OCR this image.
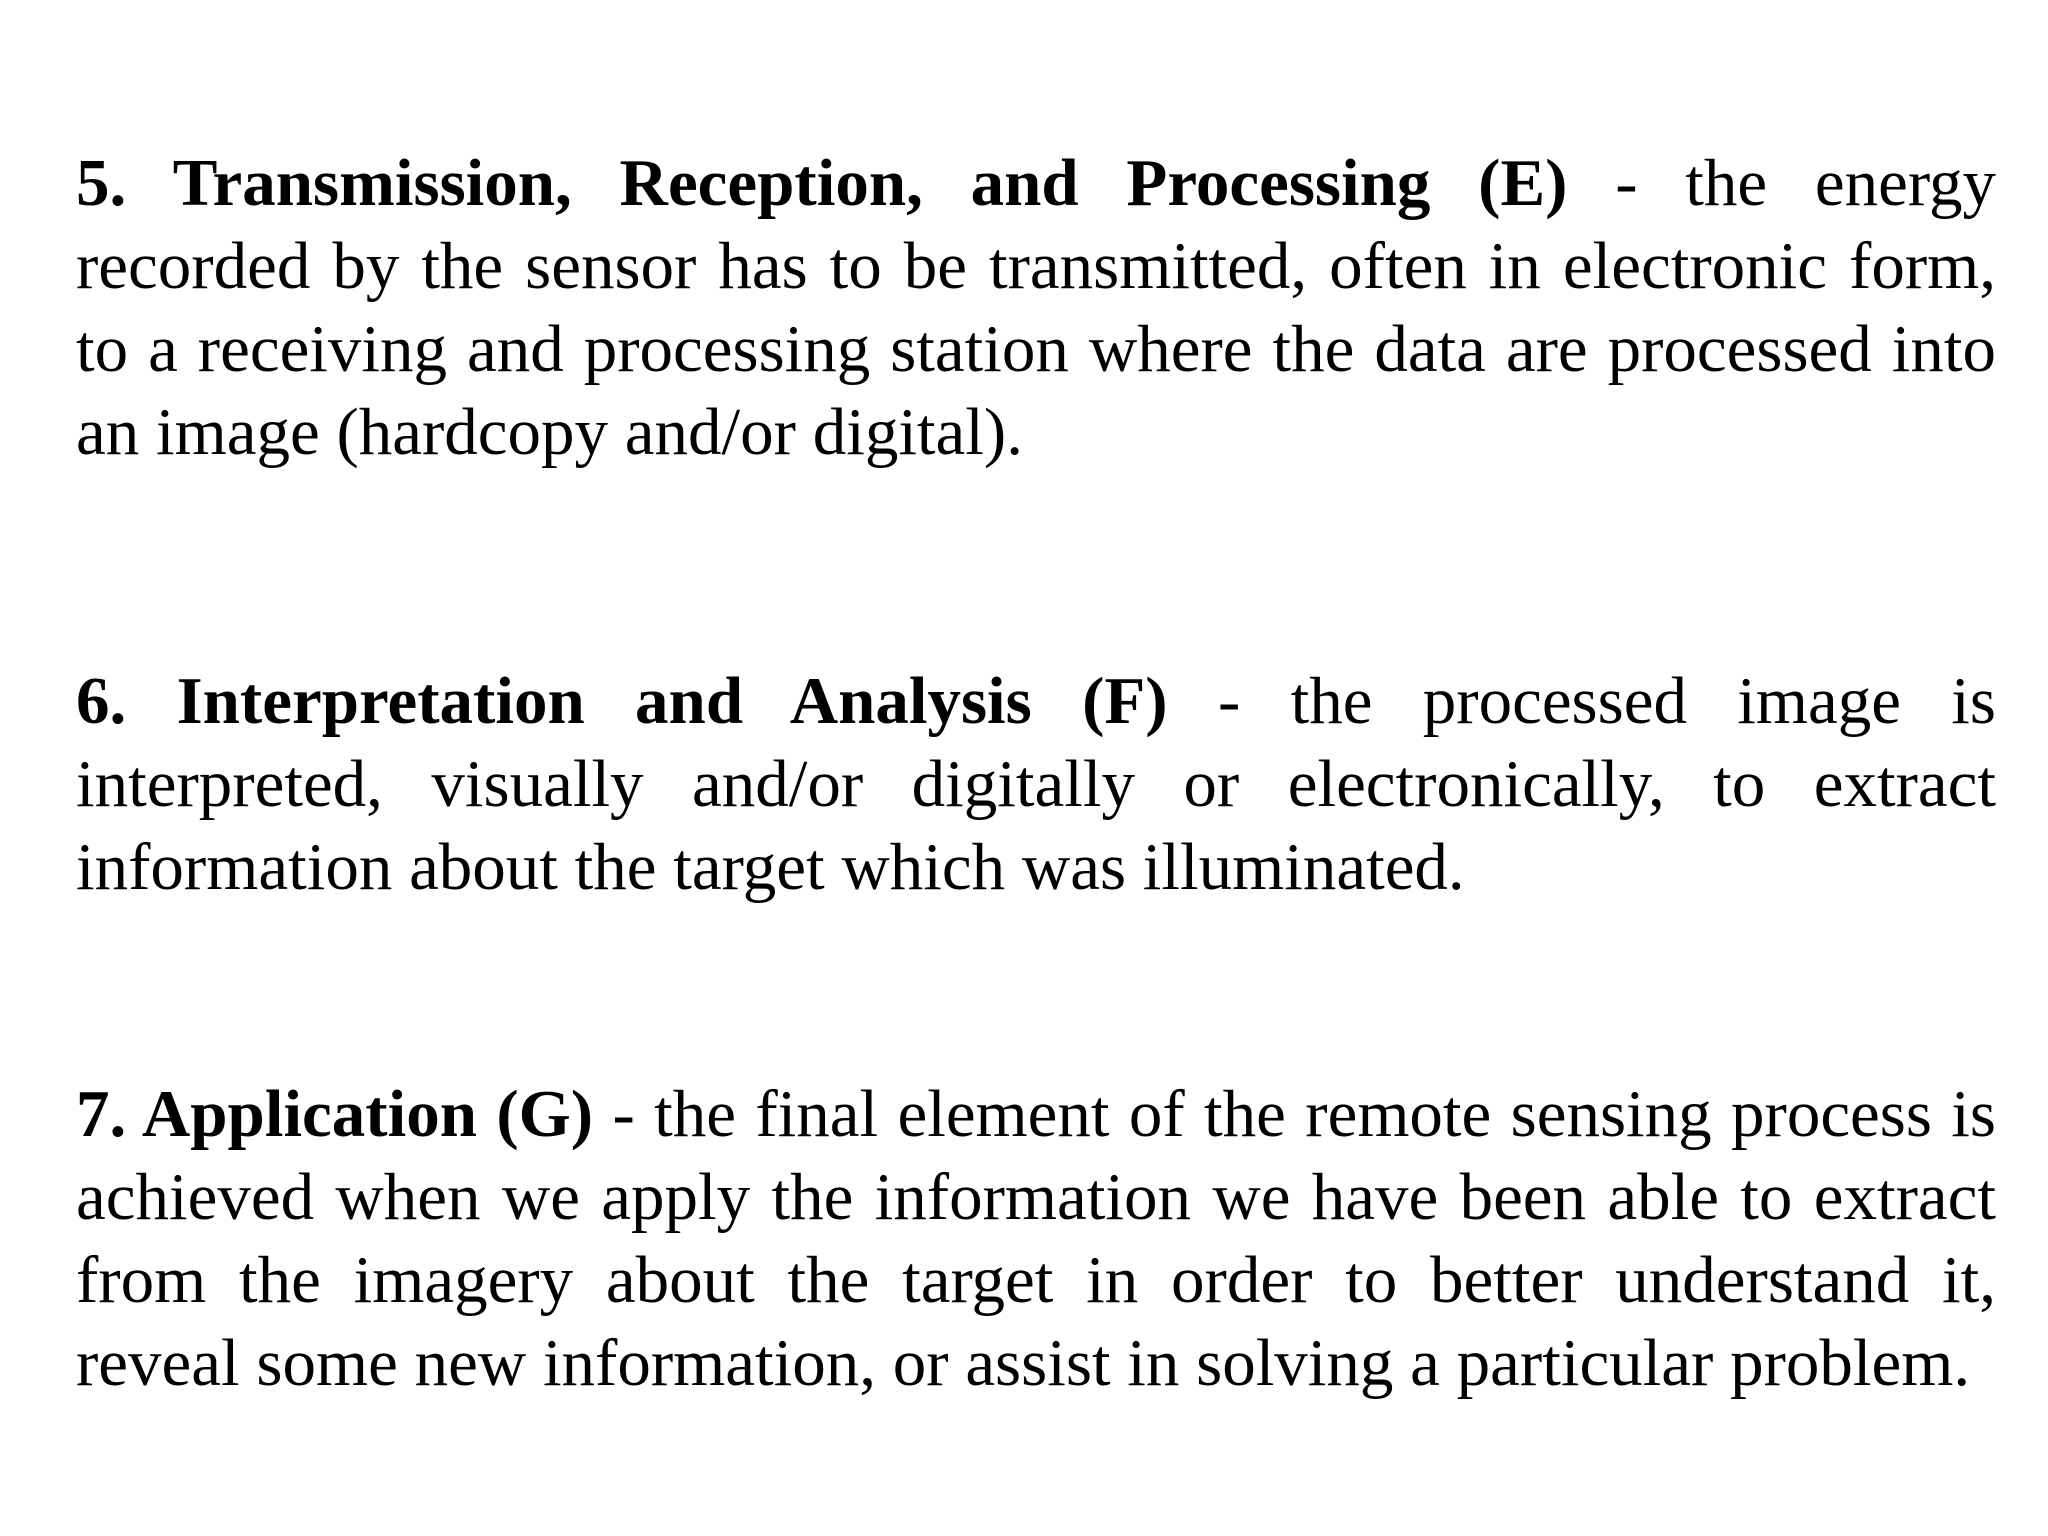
5. Transmission, Reception, and Processing (E) - the energy recorded by the sensor has to be transmitted, often in electronic form, to a receiving and processing station where the data are processed into an image (hardcopy and/or digital).

6. Interpretation and Analysis (F) - the processed image is interpreted, visually and/or digitally or electronically, to extract information about the target which was illuminated.

7. Application (G) - the final element of the remote sensing process is achieved when we apply the information we have been able to extract from the imagery about the target in order to better understand it, reveal some new information, or assist in solving a particular problem.
